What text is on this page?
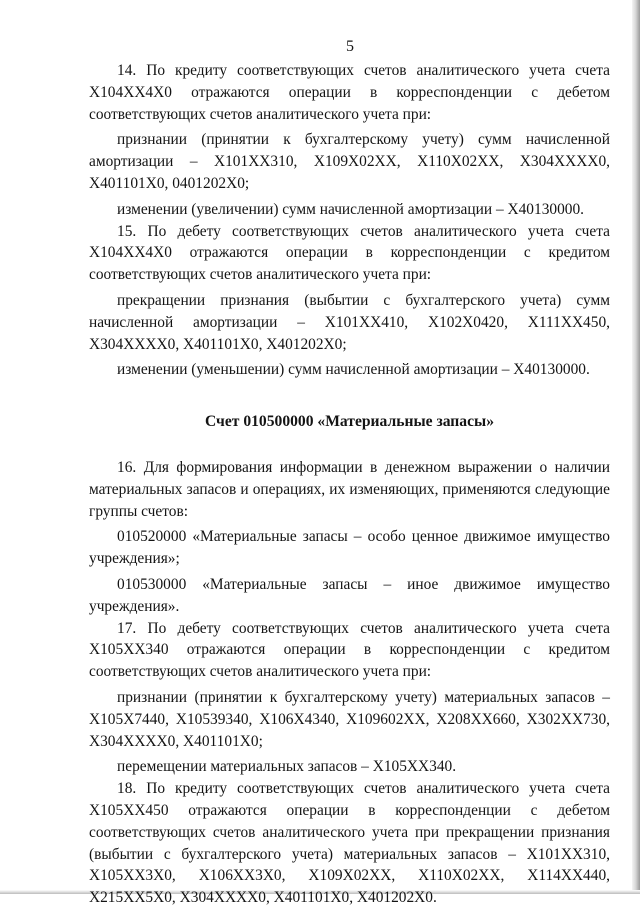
5

14. По кредиту соответствующих счетов аналитического учета счета Х104ХХ4Х0 отражаются операции в корреспонденции с дебетом соответствующих счетов аналитического учета при:

признании (принятии к бухгалтерскому учету) сумм начисленной амортизации – Х101ХХ310, Х109Х02ХХ, Х110Х02ХХ, Х304ХХХХ0, Х401101Х0, 0401202Х0;

изменении (увеличении) сумм начисленной амортизации – Х40130000.

15. По дебету соответствующих счетов аналитического учета счета Х104ХХ4Х0 отражаются операции в корреспонденции с кредитом соответствующих счетов аналитического учета при:

прекращении признания (выбытии с бухгалтерского учета) сумм начисленной амортизации – Х101ХХ410, Х102Х0420, Х111ХХ450, Х304ХХХХ0, Х401101Х0, Х401202Х0;

изменении (уменьшении) сумм начисленной амортизации – Х40130000.

Счет 010500000 «Материальные запасы»

16. Для формирования информации в денежном выражении о наличии материальных запасов и операциях, их изменяющих, применяются следующие группы счетов:

010520000 «Материальные запасы – особо ценное движимое имущество учреждения»;

010530000 «Материальные запасы – иное движимое имущество учреждения».

17. По дебету соответствующих счетов аналитического учета счета Х105ХХ340 отражаются операции в корреспонденции с кредитом соответствующих счетов аналитического учета при:

признании (принятии к бухгалтерскому учету) материальных запасов – Х105Х7440, Х10539340, Х106Х4340, Х109602ХХ, Х208ХХ660, Х302ХХ730, Х304ХХХХ0, Х401101Х0;

перемещении материальных запасов – Х105ХХ340.

18. По кредиту соответствующих счетов аналитического учета счета Х105ХХ450 отражаются операции в корреспонденции с дебетом соответствующих счетов аналитического учета при прекращении признания (выбытии с бухгалтерского учета) материальных запасов – Х101ХХ310, Х105ХХ3Х0, Х106ХХ3Х0, Х109Х02ХХ, Х110Х02ХХ, Х114ХХ440, Х215ХХ5Х0, Х304ХХХХ0, Х401101Х0, Х401202Х0.
